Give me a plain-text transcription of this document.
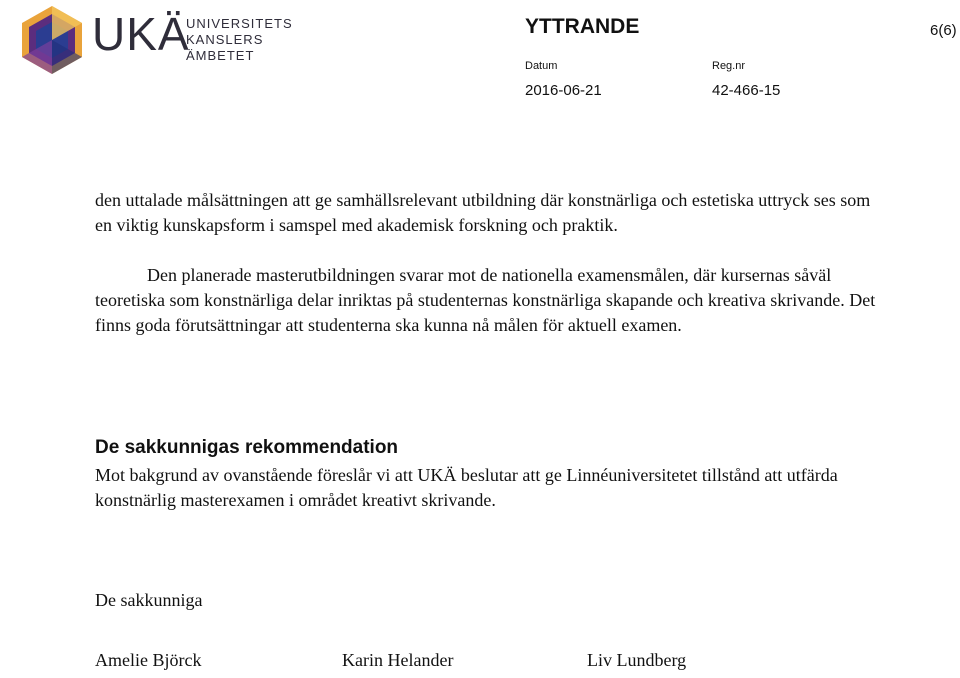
UKÄ
UNIVERSITETS
KANSLERS
ÄMBETET
YTTRANDE	6(6)
Datum
2016-06-21
Reg.nr
42-466-15
den uttalade målsättningen att ge samhällsrelevant utbildning där konstnärliga och estetiska uttryck ses som en viktig kunskapsform i samspel med akademisk forskning och praktik.
Den planerade masterutbildningen svarar mot de nationella examensmålen, där kursernas såväl teoretiska som konstnärliga delar inriktas på studenternas konstnärliga skapande och kreativa skrivande. Det finns goda förutsättningar att studenterna ska kunna nå målen för aktuell examen.
De sakkunnigas rekommendation
Mot bakgrund av ovanstående föreslår vi att UKÄ beslutar att ge Linnéuniversitetet tillstånd att utfärda konstnärlig masterexamen i området kreativt skrivande.
De sakkunniga
Amelie Björck	Karin Helander	Liv Lundberg
